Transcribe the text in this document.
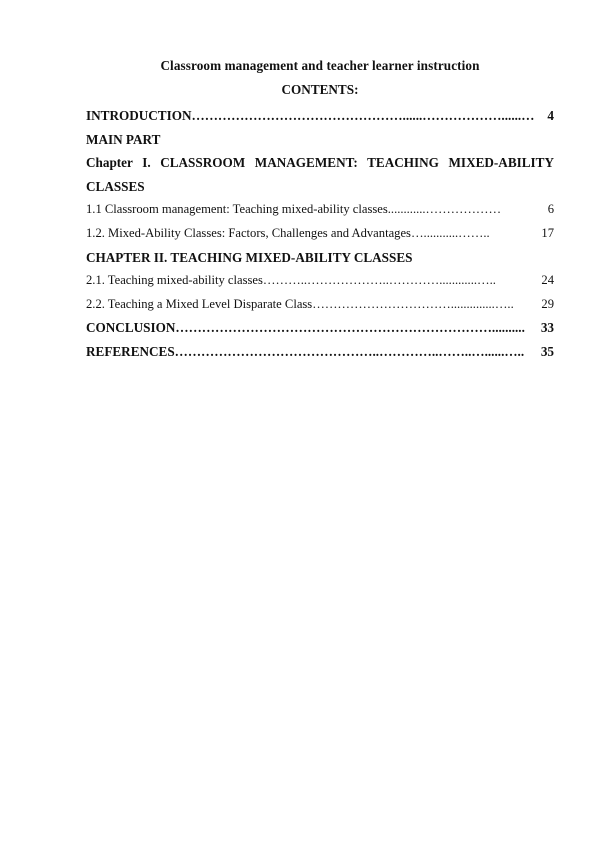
Classroom management and teacher learner instruction
CONTENTS:
INTRODUCTION …………………………………………......………………......… 4
MAIN PART
Chapter I. CLASSROOM MANAGEMENT: TEACHING MIXED-ABILITY
CLASSES
1.1 Classroom management: Teaching mixed-ability classes ............………………	6
1.2. Mixed-Ability Classes: Factors, Challenges and Advantages …...........……..	17
CHAPTER II. TEACHING MIXED-ABILITY CLASSES
2.1. Teaching mixed-ability classes ………..………………..…………............…..	24
2.2. Teaching a Mixed Level Disparate Class ……………………………..............…..	29
CONCLUSION ………………………………………………………………..........	33
REFERENCES ………………………………………..…………..……..…......…..	35
